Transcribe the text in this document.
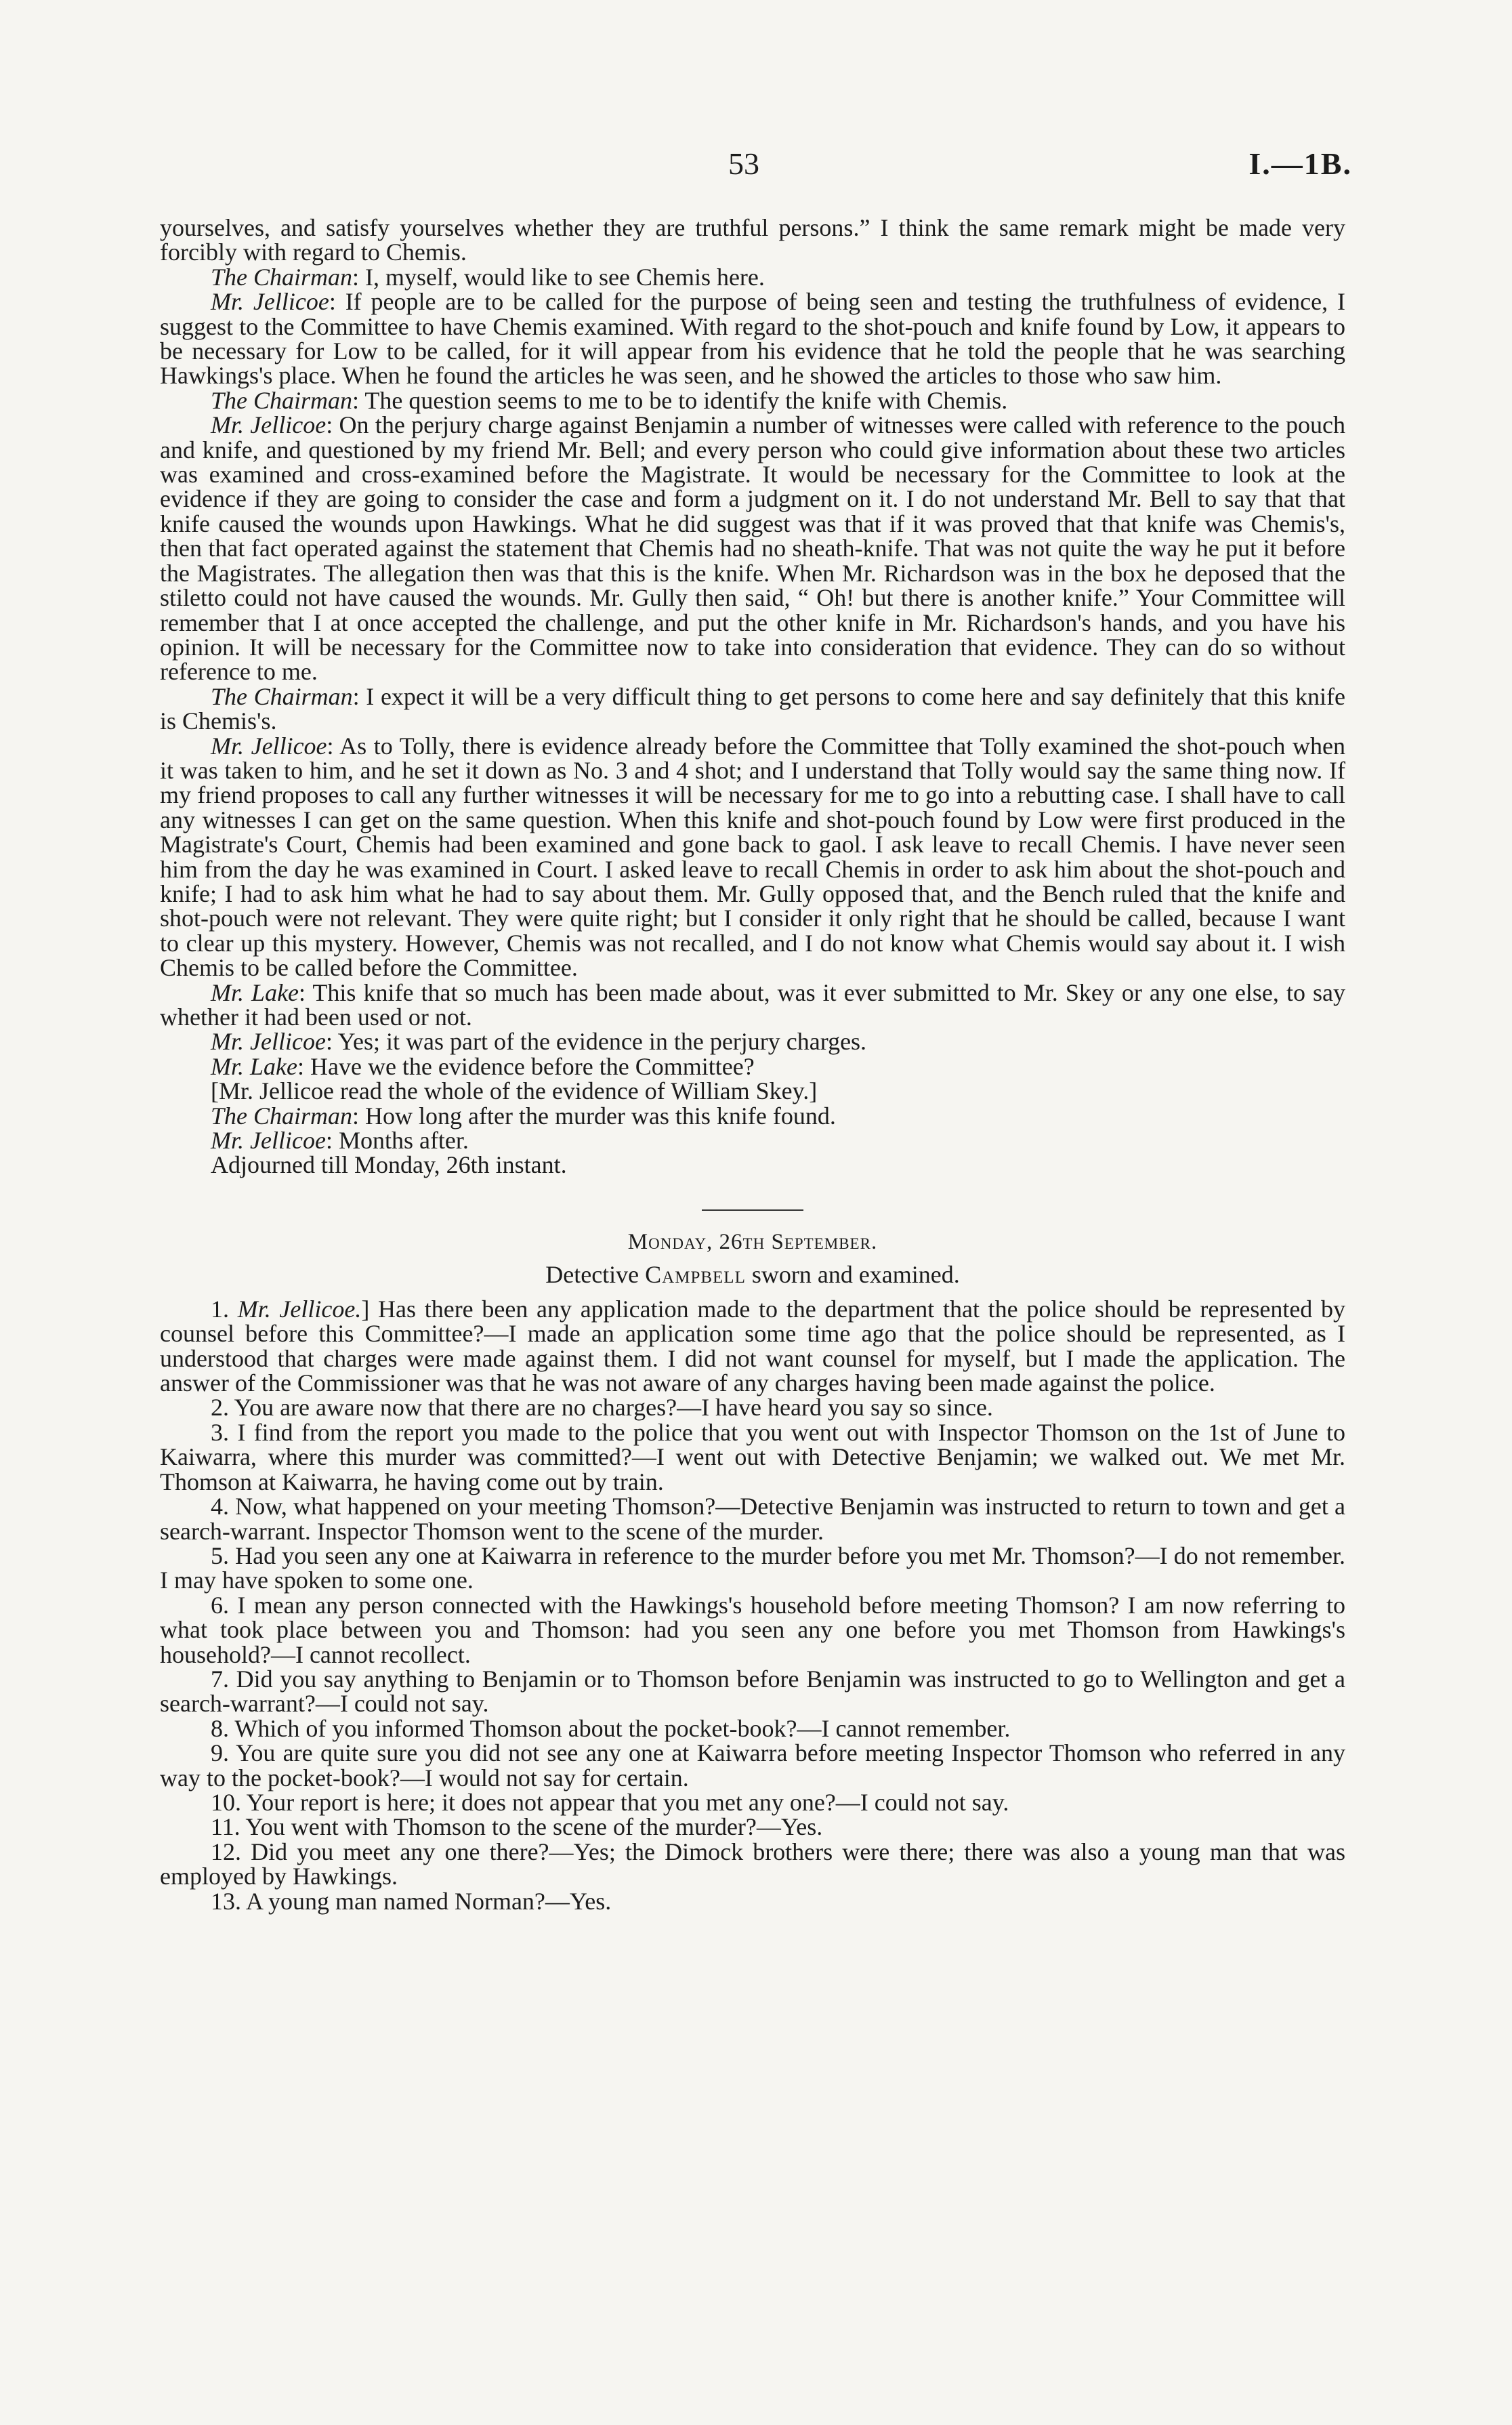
53	I.—1B.

yourselves, and satisfy yourselves whether they are truthful persons.” I think the same remark might be made very forcibly with regard to Chemis.

The Chairman: I, myself, would like to see Chemis here.

Mr. Jellicoe: If people are to be called for the purpose of being seen and testing the truthfulness of evidence, I suggest to the Committee to have Chemis examined. With regard to the shot-pouch and knife found by Low, it appears to be necessary for Low to be called, for it will appear from his evidence that he told the people that he was searching Hawkings's place. When he found the articles he was seen, and he showed the articles to those who saw him.

The Chairman: The question seems to me to be to identify the knife with Chemis.

Mr. Jellicoe: On the perjury charge against Benjamin a number of witnesses were called with reference to the pouch and knife, and questioned by my friend Mr. Bell; and every person who could give information about these two articles was examined and cross-examined before the Magistrate. It would be necessary for the Committee to look at the evidence if they are going to consider the case and form a judgment on it. I do not understand Mr. Bell to say that that knife caused the wounds upon Hawkings. What he did suggest was that if it was proved that that knife was Chemis's, then that fact operated against the statement that Chemis had no sheath-knife. That was not quite the way he put it before the Magistrates. The allegation then was that this is the knife. When Mr. Richardson was in the box he deposed that the stiletto could not have caused the wounds. Mr. Gully then said, “ Oh! but there is another knife.” Your Committee will remember that I at once accepted the challenge, and put the other knife in Mr. Richardson's hands, and you have his opinion. It will be necessary for the Committee now to take into consideration that evidence. They can do so without reference to me.

The Chairman: I expect it will be a very difficult thing to get persons to come here and say definitely that this knife is Chemis's.

Mr. Jellicoe: As to Tolly, there is evidence already before the Committee that Tolly examined the shot-pouch when it was taken to him, and he set it down as No. 3 and 4 shot; and I understand that Tolly would say the same thing now. If my friend proposes to call any further witnesses it will be necessary for me to go into a rebutting case. I shall have to call any witnesses I can get on the same question. When this knife and shot-pouch found by Low were first produced in the Magistrate's Court, Chemis had been examined and gone back to gaol. I ask leave to recall Chemis. I have never seen him from the day he was examined in Court. I asked leave to recall Chemis in order to ask him about the shot-pouch and knife; I had to ask him what he had to say about them. Mr. Gully opposed that, and the Bench ruled that the knife and shot-pouch were not relevant. They were quite right; but I consider it only right that he should be called, because I want to clear up this mystery. However, Chemis was not recalled, and I do not know what Chemis would say about it. I wish Chemis to be called before the Committee.

Mr. Lake: This knife that so much has been made about, was it ever submitted to Mr. Skey or any one else, to say whether it had been used or not.

Mr. Jellicoe: Yes; it was part of the evidence in the perjury charges.

Mr. Lake: Have we the evidence before the Committee?

[Mr. Jellicoe read the whole of the evidence of William Skey.]

The Chairman: How long after the murder was this knife found.

Mr. Jellicoe: Months after.

Adjourned till Monday, 26th instant.

Monday, 26th September.
Detective Campbell sworn and examined.

1. Mr. Jellicoe.] Has there been any application made to the department that the police should be represented by counsel before this Committee?—I made an application some time ago that the police should be represented, as I understood that charges were made against them. I did not want counsel for myself, but I made the application. The answer of the Commissioner was that he was not aware of any charges having been made against the police.

2. You are aware now that there are no charges?—I have heard you say so since.

3. I find from the report you made to the police that you went out with Inspector Thomson on the 1st of June to Kaiwarra, where this murder was committed?—I went out with Detective Benjamin; we walked out. We met Mr. Thomson at Kaiwarra, he having come out by train.

4. Now, what happened on your meeting Thomson?—Detective Benjamin was instructed to return to town and get a search-warrant. Inspector Thomson went to the scene of the murder.

5. Had you seen any one at Kaiwarra in reference to the murder before you met Mr. Thomson?—I do not remember. I may have spoken to some one.

6. I mean any person connected with the Hawkings's household before meeting Thomson? I am now referring to what took place between you and Thomson: had you seen any one before you met Thomson from Hawkings's household?—I cannot recollect.

7. Did you say anything to Benjamin or to Thomson before Benjamin was instructed to go to Wellington and get a search-warrant?—I could not say.

8. Which of you informed Thomson about the pocket-book?—I cannot remember.

9. You are quite sure you did not see any one at Kaiwarra before meeting Inspector Thomson who referred in any way to the pocket-book?—I would not say for certain.

10. Your report is here; it does not appear that you met any one?—I could not say.

11. You went with Thomson to the scene of the murder?—Yes.

12. Did you meet any one there?—Yes; the Dimock brothers were there; there was also a young man that was employed by Hawkings.

13. A young man named Norman?—Yes.
